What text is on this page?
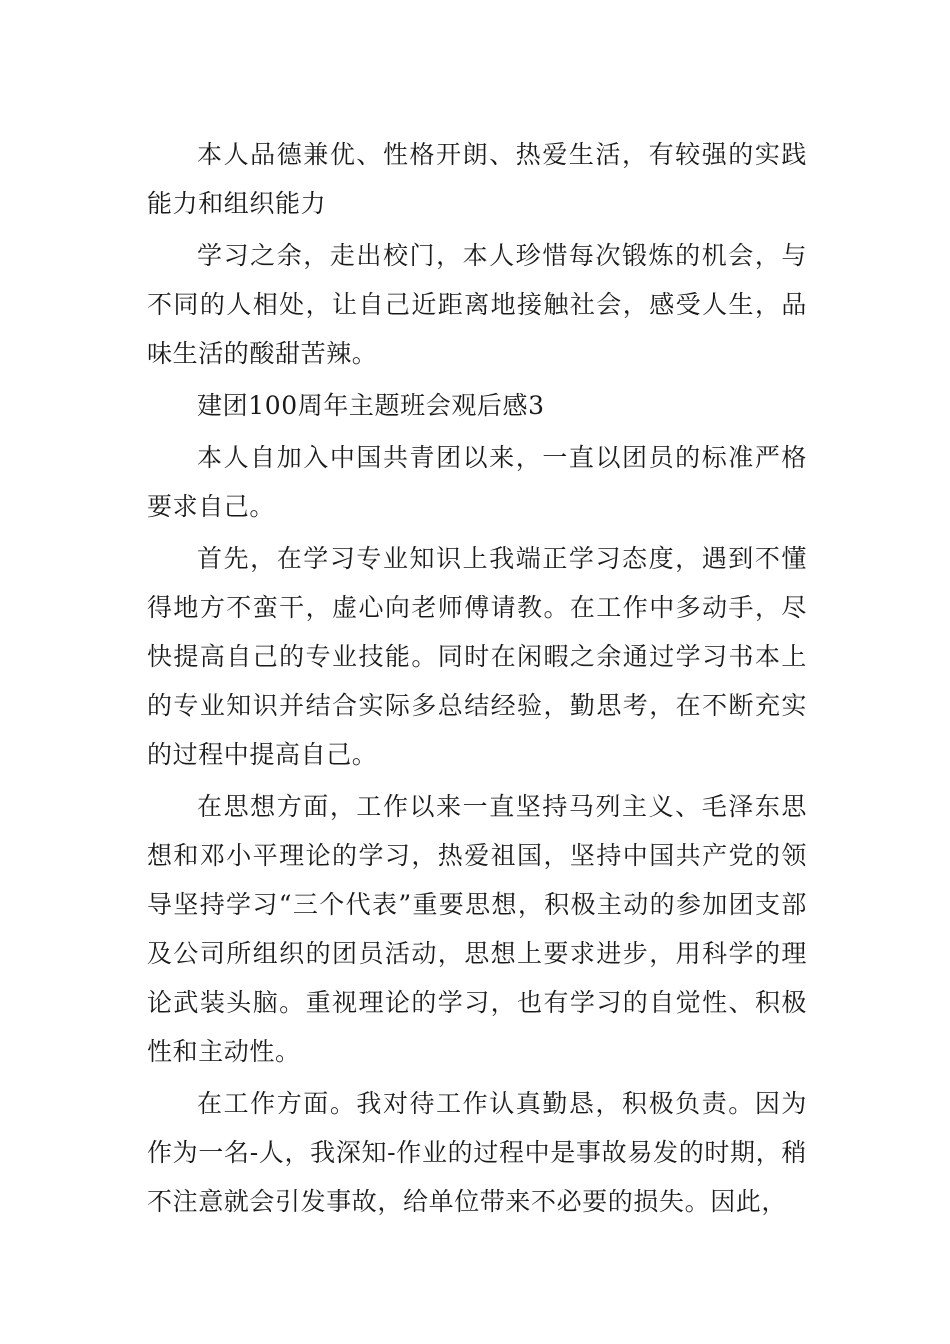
本人品德兼优、性格开朗、热爱生活，有较强的实践能力和组织能力

学习之余，走出校门，本人珍惜每次锻炼的机会，与不同的人相处，让自己近距离地接触社会，感受人生，品味生活的酸甜苦辣。

建团100周年主题班会观后感3

本人自加入中国共青团以来，一直以团员的标准严格要求自己。

首先，在学习专业知识上我端正学习态度，遇到不懂得地方不蛮干，虚心向老师傅请教。在工作中多动手，尽快提高自己的专业技能。同时在闲暇之余通过学习书本上的专业知识并结合实际多总结经验，勤思考，在不断充实的过程中提高自己。

在思想方面，工作以来一直坚持马列主义、毛泽东思想和邓小平理论的学习，热爱祖国，坚持中国共产党的领导坚持学习“三个代表”重要思想，积极主动的参加团支部及公司所组织的团员活动，思想上要求进步，用科学的理论武装头脑。重视理论的学习，也有学习的自觉性、积极性和主动性。

在工作方面。我对待工作认真勤恳，积极负责。因为作为一名-人，我深知-作业的过程中是事故易发的时期，稍不注意就会引发事故，给单位带来不必要的损失。因此，
